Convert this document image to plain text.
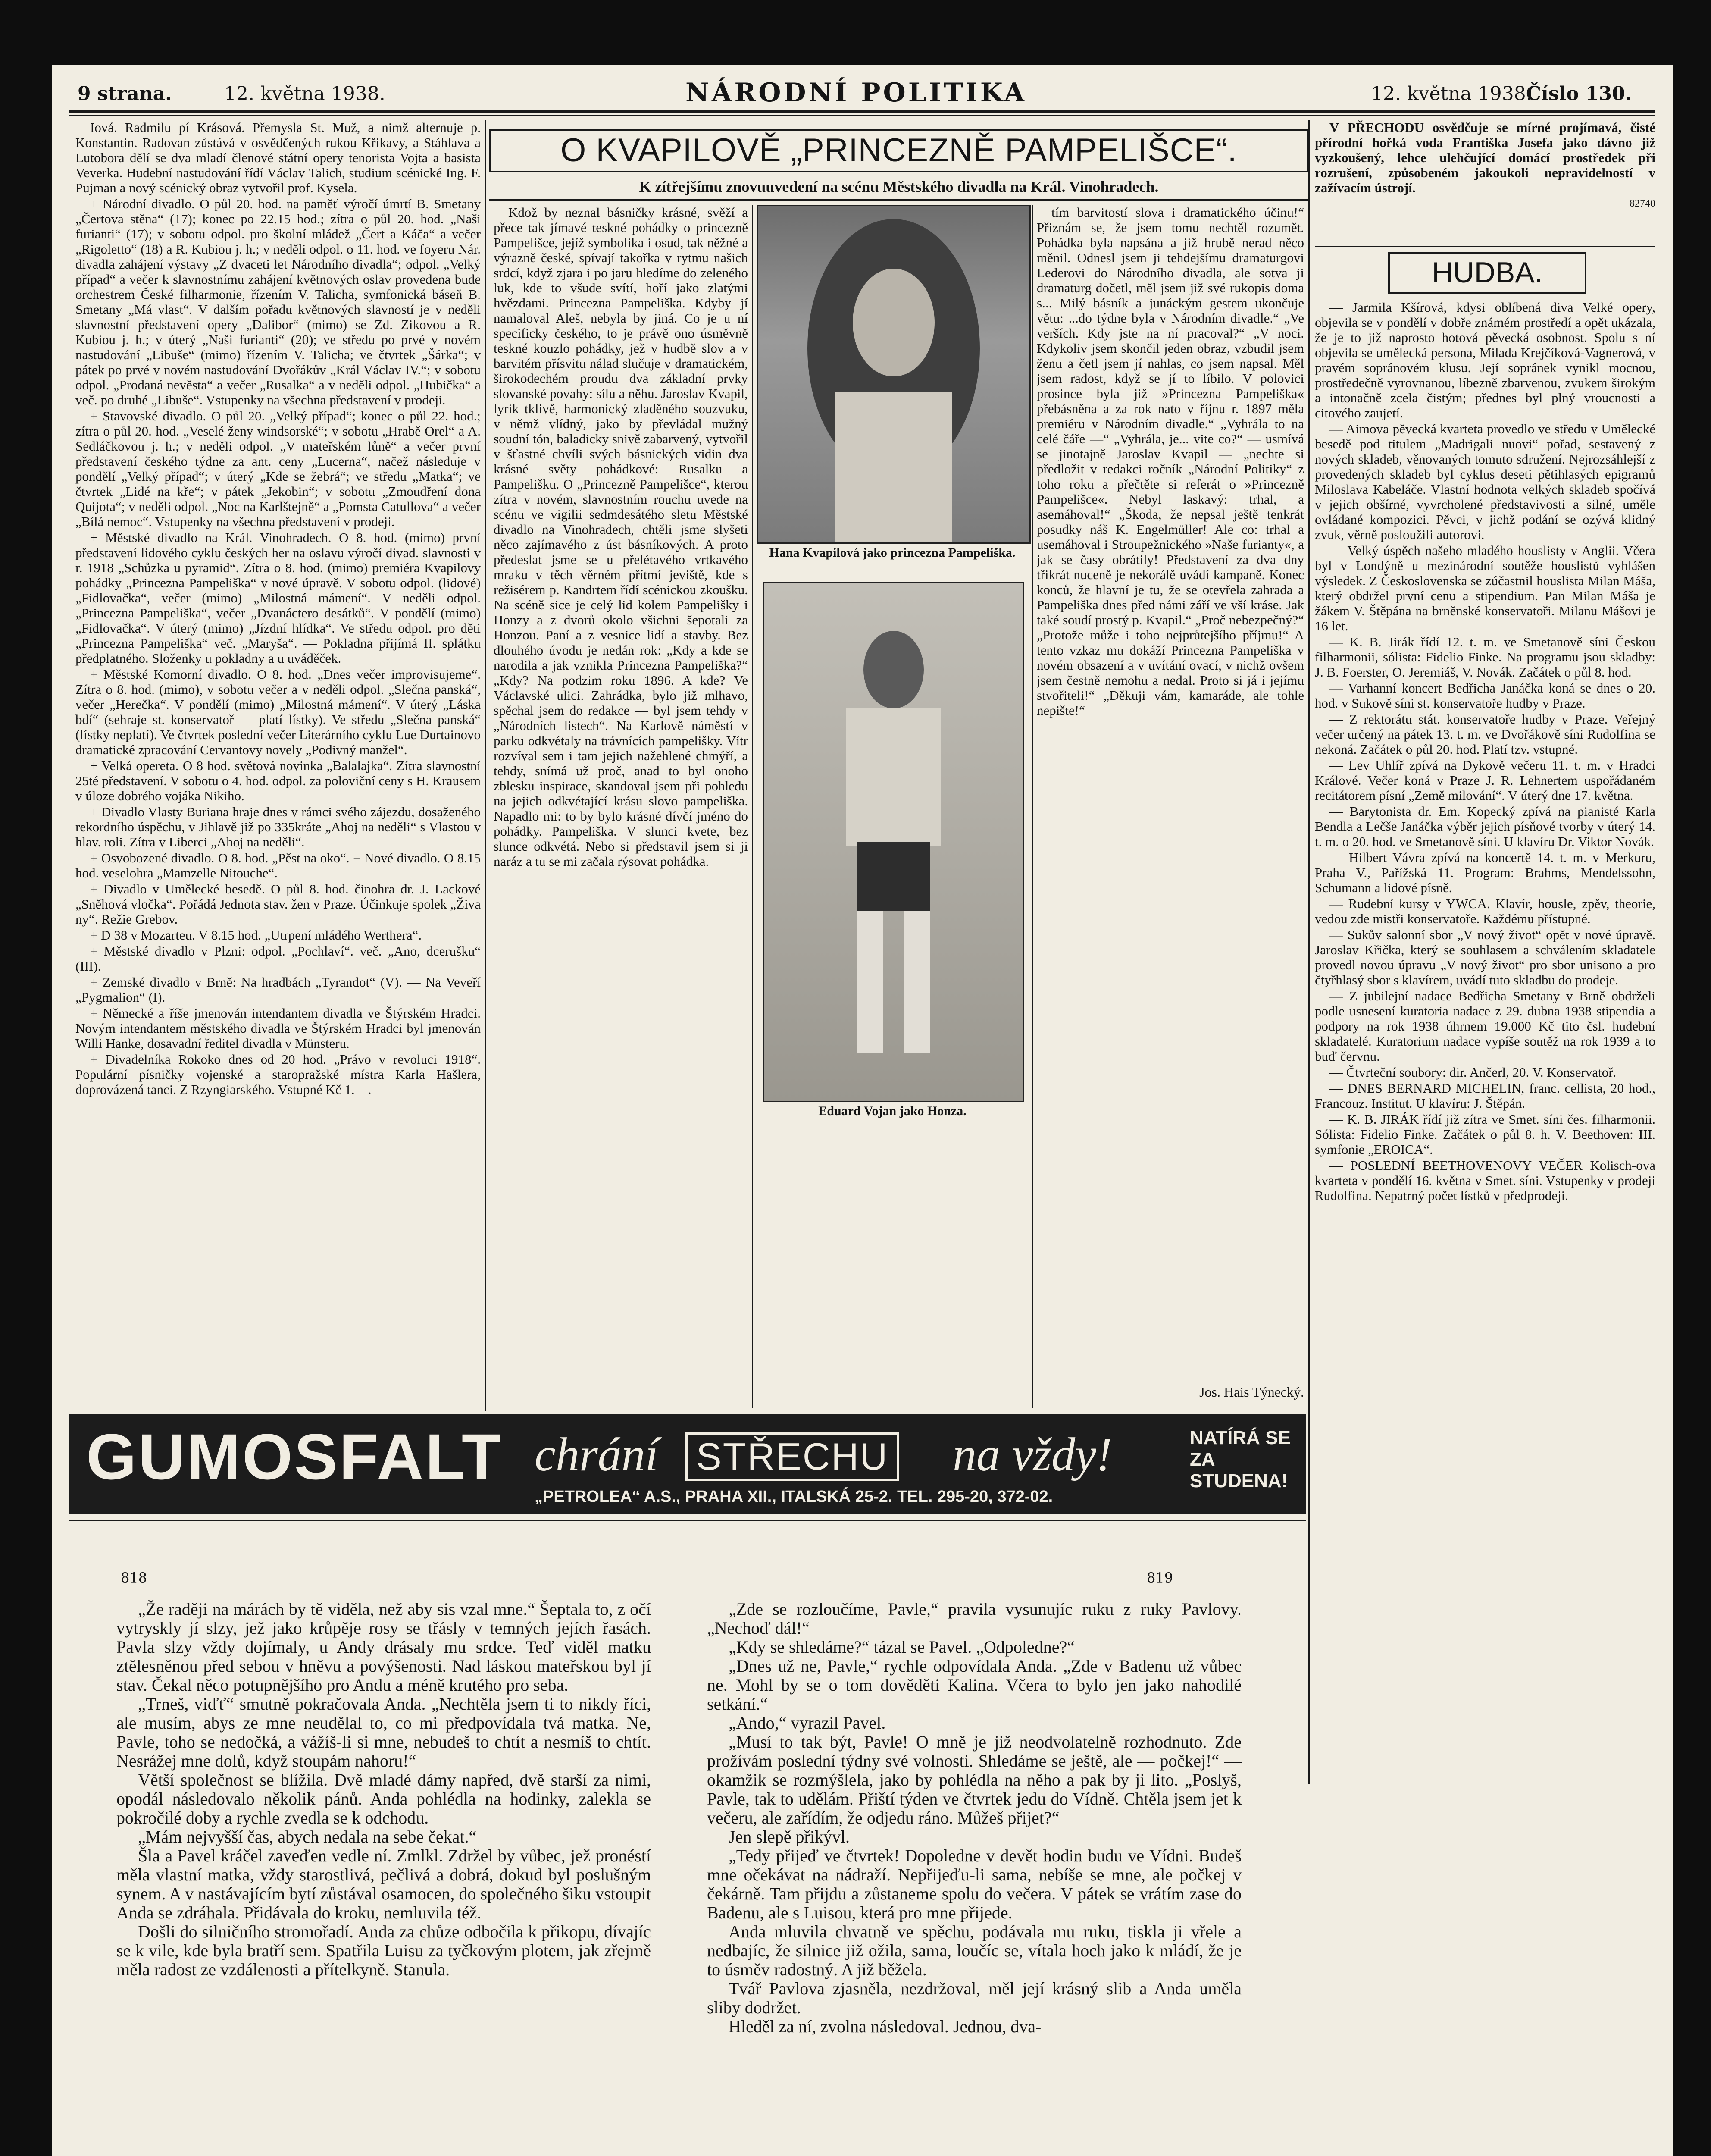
9 strana.	12. května 1938.	NÁRODNÍ POLITIKA	12. května 1938.
Číslo 130.

Iová. Radmilu pí Krásová. Přemysla St. Muž, a nimž alternuje p. Konstantin. Radovan zůstává v osvědčených rukou Křikavy, a Stáhlava a Lutobora dělí se dva mladí členové státní opery tenorista Vojta a basista Veverka. Hudební nastudování řídí Václav Talich, studium scénické Ing. F. Pujman a nový scénický obraz vytvořil prof. Kysela.

+ Národní divadlo. O půl 20. hod. na paměť výročí úmrtí B. Smetany „Čertova stěna“ (17); konec po 22.15 hod.; zítra o půl 20. hod. „Naši furianti“ (17); v sobotu odpol. pro školní mládež „Čert a Káča“ a večer „Rigoletto“ (18) a R. Kubiou j. h.; v neděli odpol. o 11. hod. ve foyeru Nár. divadla zahájení výstavy „Z dvaceti let Národního divadla“; odpol. „Velký případ“ a večer k slavnostnímu zahájení květnových oslav provedena bude orchestrem České filharmonie, řízením V. Talicha, symfonická báseň B. Smetany „Má vlast“. V dalším pořadu květnových slavností je v neděli slavnostní představení opery „Dalibor“ (mimo) se Zd. Zikovou a R. Kubiou j. h.; v úterý „Naši furianti“ (20); ve středu po prvé v novém nastudování „Libuše“ (mimo) řízením V. Talicha; ve čtvrtek „Šárka“; v pátek po prvé v novém nastudování Dvořákův „Král Václav IV.“; v sobotu odpol. „Prodaná nevěsta“ a večer „Rusalka“ a v neděli odpol. „Hubička“ a več. po druhé „Libuše“. Vstupenky na všechna představení v prodeji.

+ Stavovské divadlo. O půl 20. „Velký případ“; konec o půl 22. hod.; zítra o půl 20. hod. „Veselé ženy windsorské“; v sobotu „Hrabě Orel“ a A. Sedláčkovou j. h.; v neděli odpol. „V mateřském lůně“ a večer první představení českého týdne za ant. ceny „Lucerna“, načež následuje v pondělí „Velký případ“; v úterý „Kde se žebrá“; ve středu „Matka“; ve čtvrtek „Lidé na kře“; v pátek „Jekobin“; v sobotu „Zmoudření dona Quijota“; v neděli odpol. „Noc na Karlštejně“ a „Pomsta Catullova“ a večer „Bílá nemoc“. Vstupenky na všechna představení v prodeji.

+ Městské divadlo na Král. Vinohradech. O 8. hod. (mimo) první představení lidového cyklu českých her na oslavu výročí divad. slavnosti v r. 1918 „Schůzka u pyramid“. Zítra o 8. hod. (mimo) premiéra Kvapilovy pohádky „Princezna Pampeliška“ v nové úpravě. V sobotu odpol. (lidové) „Fidlovačka“, večer (mimo) „Milostná mámení“. V neděli odpol. „Princezna Pampeliška“, večer „Dvanáctero desátků“. V pondělí (mimo) „Fidlovačka“. V úterý (mimo) „Jízdní hlídka“. Ve středu odpol. pro děti „Princezna Pampeliška“ več. „Maryša“. — Pokladna přijímá II. splátku předplatného. Složenky u pokladny a u uváděček.

+ Městské Komorní divadlo. O 8. hod. „Dnes večer improvisujeme“. Zítra o 8. hod. (mimo), v sobotu večer a v neděli odpol. „Slečna panská“, večer „Herečka“. V pondělí (mimo) „Milostná mámení“. V úterý „Láska bdí“ (sehraje st. konservatoř — platí lístky). Ve středu „Slečna panská“ (lístky neplatí). Ve čtvrtek poslední večer Literárního cyklu Lue Durtainovo dramatické zpracování Cervantovy novely „Podivný manžel“.

+ Velká opereta. O 8 hod. světová novinka „Balalajka“. Zítra slavnostní 25té představení. V sobotu o 4. hod. odpol. za poloviční ceny s H. Krausem v úloze dobrého vojáka Nikiho.

+ Divadlo Vlasty Buriana hraje dnes v rámci svého zájezdu, dosaženého rekordního úspěchu, v Jihlavě již po 335kráte „Ahoj na neděli“ s Vlastou v hlav. roli. Zítra v Liberci „Ahoj na neděli“.

+ Osvobozené divadlo. O 8. hod. „Pěst na oko“. + Nové divadlo. O 8.15 hod. veselohra „Mamzelle Nitouche“.

+ Divadlo v Umělecké besedě. O půl 8. hod. činohra dr. J. Lackové „Sněhová vločka“. Pořádá Jednota stav. žen v Praze. Účinkuje spolek „Živa ny“. Režie Grebov.

+ D 38 v Mozarteu. V 8.15 hod. „Utrpení mládého Werthera“.

+ Městské divadlo v Plzni: odpol. „Pochlaví“. več. „Ano, dcerušku“ (III).

+ Zemské divadlo v Brně: Na hradbách „Tyrandot“ (V). — Na Veveří „Pygmalion“ (I).

+ Německé a říše jmenován intendantem divadla ve Štýrském Hradci. Novým intendantem městského divadla ve Štýrském Hradci byl jmenován Willi Hanke, dosavadní ředitel divadla v Münsteru.

+ Divadelníka Rokoko dnes od 20 hod. „Právo v revoluci 1918“. Populární písničky vojenské a staropražské místra Karla Hašlera, doprovázená tanci. Z Rzyngiarského. Vstupné Kč 1.—.

O KVAPILOVĚ „PRINCEZNĚ PAMPELIŠCE“.
K zítřejšímu znovuuvedení na scénu Městského divadla na Král. Vinohradech.

Kdož by neznal básničky krásné, svěží a přece tak jímavé teskné pohádky o princezně Pampelišce, jejíž symbolika i osud, tak něžné a výrazně české, spívají takořka v rytmu našich srdcí, když zjara i po jaru hledíme do zeleného luk, kde to všude svítí, hoří jako zlatými hvězdami. Princezna Pampeliška. Kdyby jí namaloval Aleš, nebyla by jiná. Co je u ní specificky českého, to je právě ono úsměvně teskné kouzlo pohádky, jež v hudbě slov a v barvitém přísvitu nálad slučuje v dramatickém, širokodechém proudu dva základní prvky slovanské povahy: sílu a něhu. Jaroslav Kvapil, lyrik tklivě, harmonický zladěného souzvuku, v němž vlídný, jako by převládal mužný soudní tón, baladicky snivě zabarvený, vytvořil v šťastné chvíli svých básnických vidin dva krásné světy pohádkové: Rusalku a Pampelišku. O „Princezně Pampelišce“, kterou zítra v novém, slavnostním rouchu uvede na scénu ve vigilii sedmdesátého sletu Městské divadlo na Vinohradech, chtěli jsme slyšeti něco zajímavého z úst básníkových. A proto předeslat jsme se u přelétavého vrtkavého mraku v těch věrném přítmí jeviště, kde s režisérem p. Kandrtem řídí scénickou zkoušku. Na scéně sice je celý lid kolem Pampelišky i Honzy a z dvorů okolo všichni šepotali za Honzou. Paní a z vesnice lidí a stavby. Bez dlouhého úvodu je nedán rok: „Kdy a kde se narodila a jak vznikla Princezna Pampeliška?“ „Kdy? Na podzim roku 1896. A kde? Ve Václavské ulici. Zahrádka, bylo již mlhavo, spěchal jsem do redakce — byl jsem tehdy v „Národních listech“. Na Karlově náměstí v parku odkvétaly na trávnících pampelišky. Vítr rozvíval sem i tam jejich nažehlené chmýří, a tehdy, snímá už proč, anad to byl onoho zblesku inspirace, skandoval jsem při pohledu na jejich odkvétající krásu slovo pampeliška. Napadlo mi: to by bylo krásné dívčí jméno do pohádky. Pampeliška. V slunci kvete, bez slunce odkvétá. Nebo si představil jsem si ji naráz a tu se mi začala rýsovat pohádka.

Hana Kvapilová jako princezna Pampeliška.
Eduard Vojan jako Honza.

tím barvitostí slova i dramatického účinu!“ Přiznám se, že jsem tomu nechtěl rozumět. Pohádka byla napsána a již hrubě nerad něco měnil. Odnesl jsem ji tehdejšímu dramaturgovi Lederovi do Národního divadla, ale sotva ji dramaturg dočetl, měl jsem již své rukopis doma s... Milý básník a junáckým gestem ukončuje větu: ...do týdne byla v Národním divadle.“ „Ve verších. Kdy jste na ní pracoval?“ „V noci. Kdykoliv jsem skončil jeden obraz, vzbudil jsem ženu a četl jsem jí nahlas, co jsem napsal. Měl jsem radost, když se jí to líbilo. V polovici prosince byla již »Princezna Pampeliška« přebásněna a za rok nato v říjnu r. 1897 měla premiéru v Národním divadle.“ „Vyhrála to na celé čáře —“ „Vyhrála, je... vite co?“ — usmívá se jinotajně Jaroslav Kvapil — „nechte si předložit v redakci ročník „Národní Politiky“ z toho roku a přečtěte si referát o »Princezně Pampelišce«. Nebyl laskavý: trhal, a asemáhoval!“ „Škoda, že nepsal ještě tenkrát posudky náš K. Engelmüller! Ale co: trhal a usemáhoval i Stroupežnického »Naše furianty«, a jak se časy obrátily! Představení za dva dny třikrát nuceně je nekorálě uvádí kampaně. Konec konců, že hlavní je tu, že se otevřela zahrada a Pampeliška dnes před námi září ve vší kráse. Jak také soudí prostý p. Kvapil.“ „Proč nebezpečný?“ „Protože může i toho nejprůtejšího příjmu!“ A tento vzkaz mu dokáží Princezna Pampeliška v novém obsazení a v uvítání ovací, v nichž ovšem jsem čestně nemohu a nedal. Proto si já i jejímu stvořiteli!“ „Děkuji vám, kamaráde, ale tohle nepište!“

Jos. Hais Týnecký.

V PŘECHODU osvědčuje se mírné projímavá, čisté přírodní hořká voda Františka Josefa jako dávno již vyzkoušený, lehce ulehčující domácí prostředek při rozrušení, způsobeném jakoukoli nepravidelností v zažívacím ústrojí.

82740
HUDBA.

— Jarmila Kšírová, kdysi oblíbená diva Velké opery, objevila se v pondělí v dobře známém prostředí a opět ukázala, že je to již naprosto hotová pěvecká osobnost. Spolu s ní objevila se umělecká persona, Milada Krejčíková-Vagnerová, v pravém sopránovém klusu. Její sopránek vynikl mocnou, prostředečně vyrovnanou, líbezně zbarvenou, zvukem širokým a intonačně zcela čistým; přednes byl plný vroucnosti a citového zaujetí.

— Aimova pěvecká kvarteta provedlo ve středu v Umělecké besedě pod titulem „Madrigali nuovi“ pořad, sestavený z nových skladeb, věnovaných tomuto sdružení. Nejrozsáhlejší z provedených skladeb byl cyklus deseti pětihlasých epigramů Miloslava Kabeláče. Vlastní hodnota velkých skladeb spočívá v jejich obšírné, vyvrcholené představivosti a silné, uměle ovládané kompozici. Pěvci, v jichž podání se ozývá klidný zvuk, věrně posloužili autorovi.

— Velký úspěch našeho mladého houslisty v Anglii. Včera byl v Londýně u mezinárodní soutěže houslistů vyhlášen výsledek. Z Československa se zúčastnil houslista Milan Máša, který obdržel první cenu a stipendium. Pan Milan Máša je žákem V. Štěpána na brněnské konservatoři. Milanu Mášovi je 16 let.

— K. B. Jirák řídí 12. t. m. ve Smetanově síni Českou filharmonii, sólista: Fidelio Finke. Na programu jsou skladby: J. B. Foerster, O. Jeremiáš, V. Novák. Začátek o půl 8. hod.

— Varhanní koncert Bedřicha Janáčka koná se dnes o 20. hod. v Sukově síni st. konservatoře hudby v Praze.

— Z rektorátu stát. konservatoře hudby v Praze. Veřejný večer určený na pátek 13. t. m. ve Dvořákově síni Rudolfina se nekoná. Začátek o půl 20. hod. Platí tzv. vstupné.

— Lev Uhlíř zpívá na Dykově večeru 11. t. m. v Hradci Králové. Večer koná v Praze J. R. Lehnertem uspořádaném recitátorem písní „Země milování“. V úterý dne 17. května.

— Barytonista dr. Em. Kopecký zpívá na pianisté Karla Bendla a Lečše Janáčka výběr jejich písňové tvorby v úterý 14. t. m. o 20. hod. ve Smetanově síni. U klavíru Dr. Viktor Novák.

— Hilbert Vávra zpívá na koncertě 14. t. m. v Merkuru, Praha V., Pařížská 11. Program: Brahms, Mendelssohn, Schumann a lidové písně.

— Rudební kursy v YWCA. Klavír, housle, zpěv, theorie, vedou zde mistři konservatoře. Každému přístupné.

— Sukův salonní sbor „V nový život“ opět v nové úpravě. Jaroslav Křička, který se souhlasem a schválením skladatele provedl novou úpravu „V nový život“ pro sbor unisono a pro čtyřhlasý sbor s klavírem, uvádí tuto skladbu do prodeje.

— Z jubilejní nadace Bedřicha Smetany v Brně obdrželi podle usnesení kuratoria nadace z 29. dubna 1938 stipendia a podpory na rok 1938 úhrnem 19.000 Kč tito čsl. hudební skladatelé. Kuratorium nadace vypíše soutěž na rok 1939 a to buď červnu.

— Čtvrteční soubory: dir. Ančerl, 20. V. Konservatoř.

— DNES BERNARD MICHELIN, franc. cellista, 20 hod., Francouz. Institut. U klavíru: J. Štěpán.

— K. B. JIRÁK řídí již zítra ve Smet. síni čes. filharmonii. Sólista: Fidelio Finke. Začátek o půl 8. h. V. Beethoven: III. symfonie „EROICA“.

— POSLEDNÍ BEETHOVENOVY VEČER Kolisch-ova kvarteta v pondělí 16. května v Smet. síni. Vstupenky v prodeji Rudolfina. Nepatrný počet lístků v předprodeji.

GUMOSFALT chrání STŘECHU na vždy!	NATÍRÁ SE ZA STUDENA!
„PETROLEA“ A.S., PRAHA XII., ITALSKÁ 25-2. TEL. 295-20, 372-02.
818	819

„Že raději na márách by tě viděla, než aby sis vzal mne.“ Šeptala to, z očí vytryskly jí slzy, jež jako krůpěje rosy se třásly v temných jejích řasách. Pavla slzy vždy dojímaly, u Andy drásaly mu srdce. Teď viděl matku ztělesněnou před sebou v hněvu a povýšenosti. Nad láskou mateřskou byl jí stav. Čekal něco potupnějšího pro Andu a méně krutého pro seba.

„Trneš, viďť“ smutně pokračovala Anda. „Nechtěla jsem ti to nikdy říci, ale musím, abys ze mne neudělal to, co mi předpovídala tvá matka. Ne, Pavle, toho se nedočká, a vážíš-li si mne, nebudeš to chtít a nesmíš to chtít. Nesrážej mne dolů, když stoupám nahoru!“

Větší společnost se blížila. Dvě mladé dámy napřed, dvě starší za nimi, opodál následovalo několik pánů. Anda pohlédla na hodinky, zalekla se pokročilé doby a rychle zvedla se k odchodu.

„Mám nejvyšší čas, abych nedala na sebe čekat.“

Šla a Pavel kráčel zaveďen vedle ní. Zmlkl. Zdržel by vůbec, jež pronéstí měla vlastní matka, vždy starostlivá, pečlivá a dobrá, dokud byl poslušným synem. A v nastávajícím bytí zůstával osamocen, do společného šiku vstoupit Anda se zdráhala. Přidávala do kroku, nemluvila též.

Došli do silničního stromořadí. Anda za chůze odbočila k přikopu, dívajíc se k vile, kde byla bratří sem. Spatřila Luisu za tyčkovým plotem, jak zřejmě měla radost ze vzdálenosti a přítelkyně. Stanula.

„Zde se rozloučíme, Pavle,“ pravila vysunujíc ruku z ruky Pavlovy. „Nechoď dál!“

„Kdy se shledáme?“ tázal se Pavel. „Odpoledne?“

„Dnes už ne, Pavle,“ rychle odpovídala Anda. „Zde v Badenu už vůbec ne. Mohl by se o tom dověděti Kalina. Včera to bylo jen jako nahodilé setkání.“

„Ando,“ vyrazil Pavel.

„Musí to tak být, Pavle! O mně je již neodvolatelně rozhodnuto. Zde prožívám poslední týdny své volnosti. Shledáme se ještě, ale — počkej!“ — okamžik se rozmýšlela, jako by pohlédla na něho a pak by ji lito. „Poslyš, Pavle, tak to udělám. Přiští týden ve čtvrtek jedu do Vídně. Chtěla jsem jet k večeru, ale zařídím, že odjedu ráno. Můžeš přijet?“

Jen slepě přikývl.

„Tedy přijeď ve čtvrtek! Dopoledne v devět hodin budu ve Vídni. Budeš mne očekávat na nádraží. Nepřijeďu-li sama, nebíše se mne, ale počkej v čekárně. Tam přijdu a zůstaneme spolu do večera. V pátek se vrátím zase do Badenu, ale s Luisou, která pro mne přijede.

Anda mluvila chvatně ve spěchu, podávala mu ruku, tiskla ji vřele a nedbajíc, že silnice již ožila, sama, loučíc se, vítala hoch jako k mládí, že je to úsměv radostný. A již běžela.

Tvář Pavlova zjasněla, nezdržoval, měl její krásný slib a Anda uměla sliby dodržet.

Hleděl za ní, zvolna následoval. Jednou, dva-
